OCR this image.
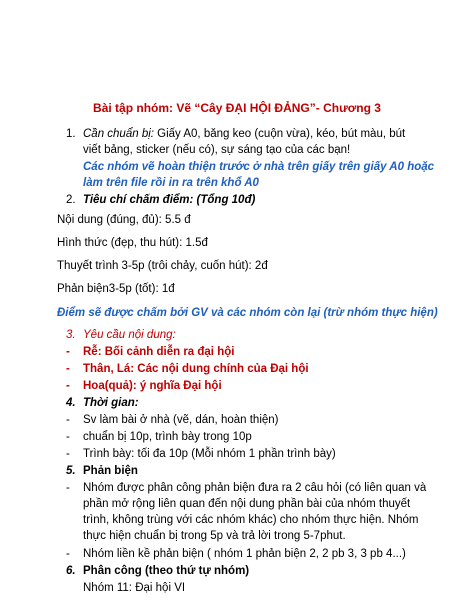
Bài tập nhóm: Vẽ “Cây ĐẠI HỘI ĐẢNG”- Chương 3
1. Cần chuẩn bị: Giấy A0, băng keo (cuộn vừa), kéo, bút màu, bút
viết bảng, sticker (nếu có), sự sáng tạo của các bạn!
Các nhóm vẽ hoàn thiện trước ở nhà trên giấy trên giấy A0 hoặc
làm trên file rồi in ra trên khổ A0
2. Tiêu chí chấm điểm: (Tổng 10đ)
Nội dung (đúng, đủ): 5.5 đ
Hình thức (đẹp, thu hút): 1.5đ
Thuyết trình 3-5p (trôi chảy, cuốn hút): 2đ
Phản biện3-5p (tốt): 1đ
Điểm sẽ được chấm bởi GV và các nhóm còn lại (trừ nhóm thực hiện)
3. Yêu cầu nội dung:
- Rễ: Bối cảnh diễn ra đại hội
- Thân, Lá: Các nội dung chính của Đại hội
- Hoa(quả): ý nghĩa Đại hội
4. Thời gian:
- Sv làm bài ở nhà (vẽ, dán, hoàn thiện)
- chuẩn bị 10p, trình bày trong 10p
- Trình bày: tối đa 10p (Mỗi nhóm 1 phần trình bày)
5. Phản biện
- Nhóm được phân công phản biện đưa ra 2 câu hỏi (có liên quan và
phần mở rộng liên quan đến nội dung phần bài của nhóm thuyết
trình, không trùng với các nhóm khác) cho nhóm thực hiện. Nhóm
thực hiện chuẩn bị trong 5p và trả lời trong 5-7phut.
- Nhóm liền kề phản biện ( nhóm 1 phản biện 2, 2 pb 3, 3 pb 4...)
6. Phân công (theo thứ tự nhóm)
Nhóm 11: Đại hội VI
